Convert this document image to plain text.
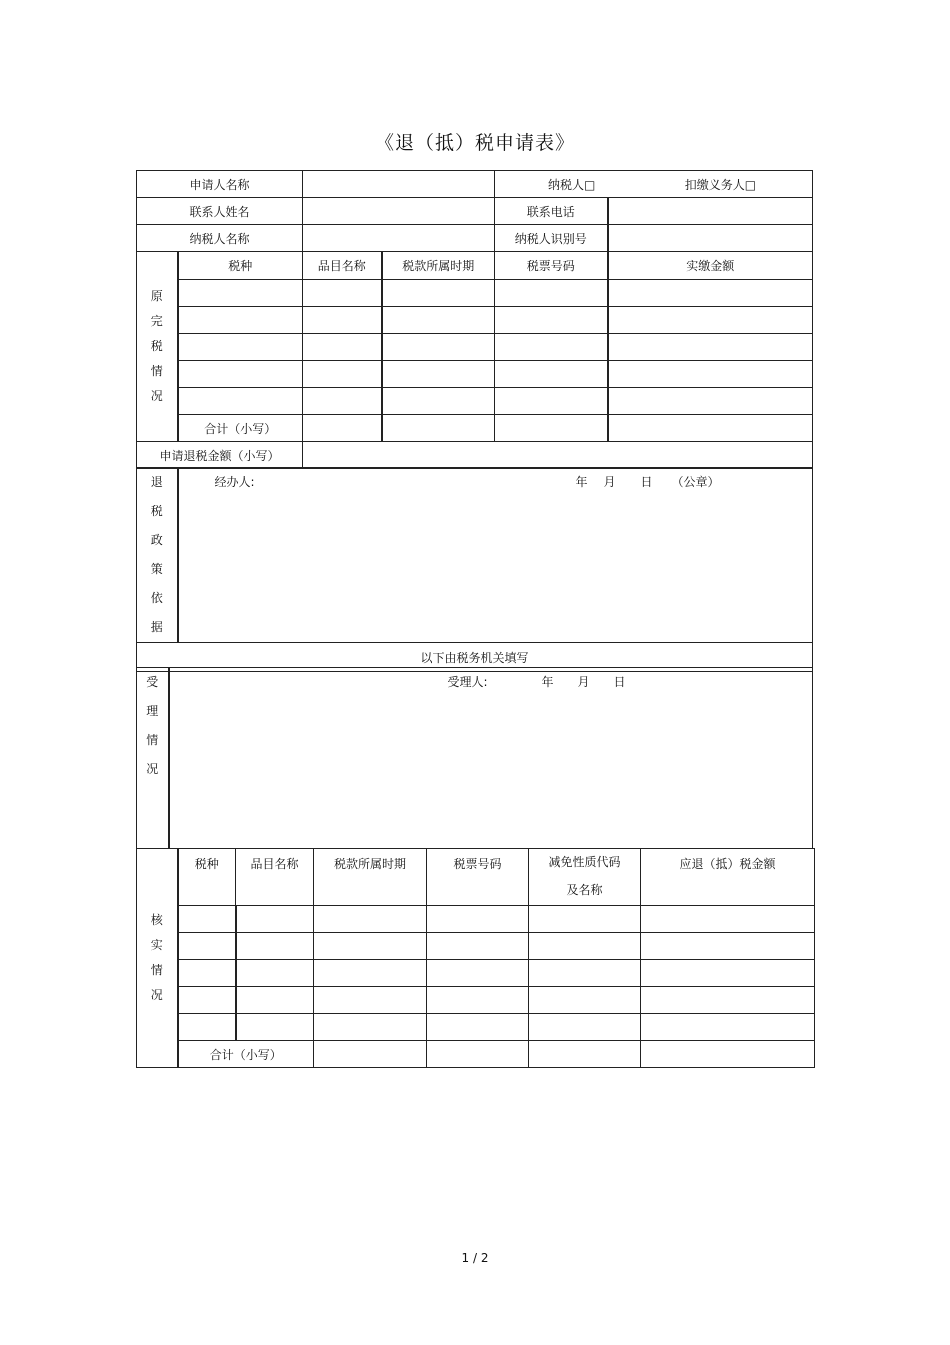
《退（抵）税申请表》
申请人名称		纳税人□ 扣缴义务人□	
联系人姓名		联系电话	
纳税人名称		纳税人识别号	
原完税情况	税种	品目名称	税款所属时期	税票号码	实缴金额

	合计（小写）				
申请退税金额（小写）					
退税政策依据

经办人:	年 月 日 （公章）

以下由税务机关填写
受理情况

受理人:	年 月 日
核实情况	税种	品目名称	税款所属时期	税票号码	减免性质代码
及名称	应退（抵）税金额

	合计（小写）					
1 / 2
